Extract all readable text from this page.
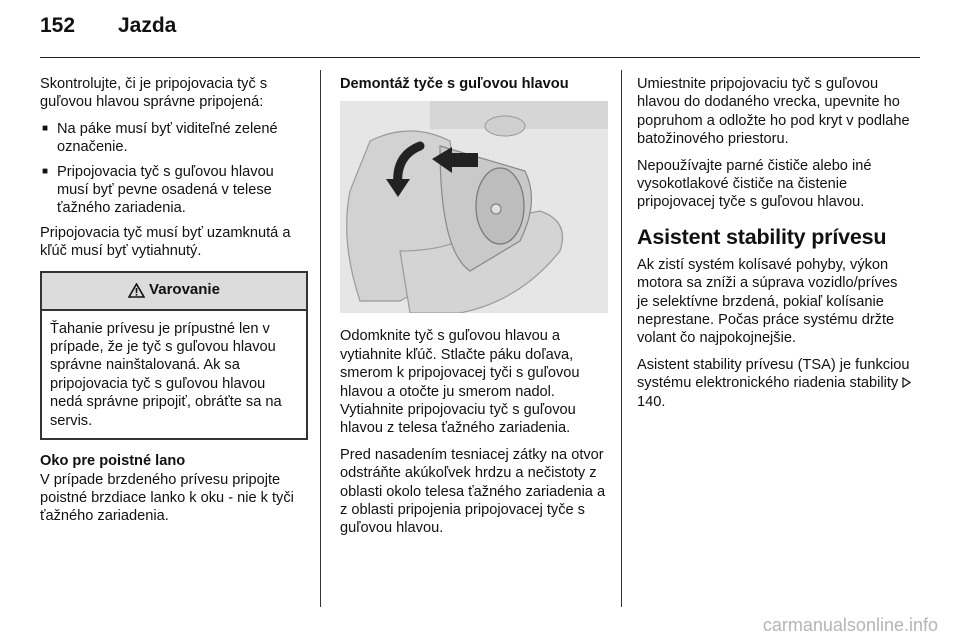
152 Jazda

Skontrolujte, či je pripojovacia tyč s guľovou hlavou správne pripojená:

■ Na páke musí byť viditeľné zelené označenie.
■ Pripojovacia tyč s guľovou hlavou musí byť pevne osadená v telese ťažného zariadenia.

Pripojovacia tyč musí byť uzamknutá a kľúč musí byť vytiahnutý.

Varovanie
Ťahanie prívesu je prípustné len v prípade, že je tyč s guľovou hlavou správne nainštalovaná. Ak sa pripojovacia tyč s guľovou hlavou nedá správne pripojiť, obráťte sa na servis.

Oko pre poistné lano

V prípade brzdeného prívesu pripojte poistné brzdiace lanko k oku - nie k tyči ťažného zariadenia.

Demontáž tyče s guľovou hlavou

Odomknite tyč s guľovou hlavou a vytiahnite kľúč. Stlačte páku doľava, smerom k pripojovacej tyči s guľovou hlavou a otočte ju smerom nadol. Vytiahnite pripojovaciu tyč s guľovou hlavou z telesa ťažného zariadenia.

Pred nasadením tesniacej zátky na otvor odstráňte akúkoľvek hrdzu a nečistoty z oblasti okolo telesa ťažného zariadenia a z oblasti pripojenia pripojovacej tyče s guľovou hlavou.

Umiestnite pripojovaciu tyč s guľovou hlavou do dodaného vrecka, upevnite ho popruhom a odložte ho pod kryt v podlahe batožinového priestoru.

Nepoužívajte parné čističe alebo iné vysokotlakové čističe na čistenie pripojovacej tyče s guľovou hlavou.

Asistent stability prívesu

Ak zistí systém kolísavé pohyby, výkon motora sa zníži a súprava vozidlo/príves je selektívne brzdená, pokiaľ kolísanie neprestane. Počas práce systému držte volant čo najpokojnejšie.

Asistent stability prívesu (TSA) je funkciou systému elektronického riadenia stability  140.

carmanualsonline.info
